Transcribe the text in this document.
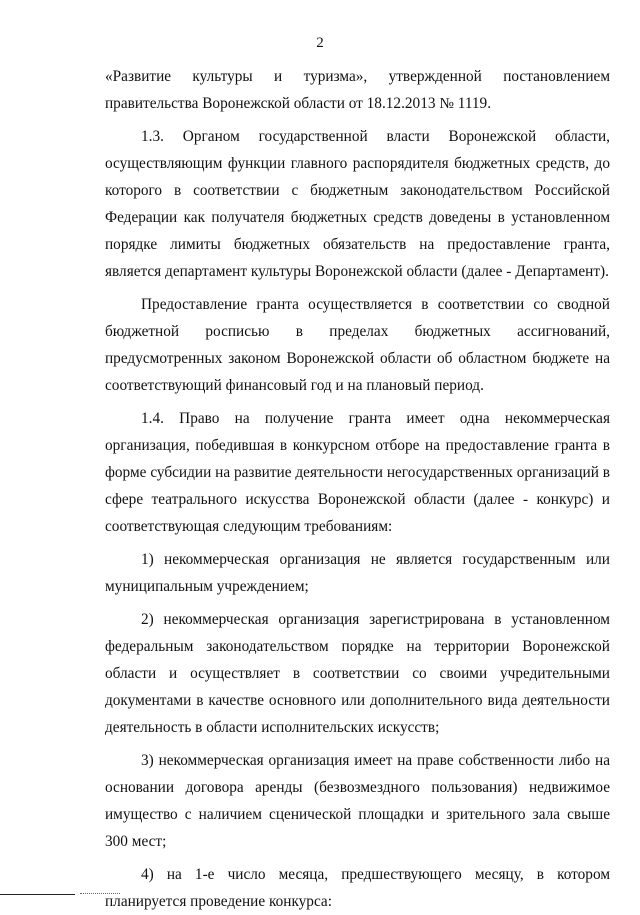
2

«Развитие культуры и туризма», утвержденной постановлением правительства Воронежской области от 18.12.2013 № 1119.

1.3. Органом государственной власти Воронежской области, осуществляющим функции главного распорядителя бюджетных средств, до которого в соответствии с бюджетным законодательством Российской Федерации как получателя бюджетных средств доведены в установленном порядке лимиты бюджетных обязательств на предоставление гранта, является департамент культуры Воронежской области (далее - Департамент).

Предоставление гранта осуществляется в соответствии со сводной бюджетной росписью в пределах бюджетных ассигнований, предусмотренных законом Воронежской области об областном бюджете на соответствующий финансовый год и на плановый период.

1.4. Право на получение гранта имеет одна некоммерческая организация, победившая в конкурсном отборе на предоставление гранта в форме субсидии на развитие деятельности негосударственных организаций в сфере театрального искусства Воронежской области (далее - конкурс) и соответствующая следующим требованиям:

1) некоммерческая организация не является государственным или муниципальным учреждением;

2) некоммерческая организация зарегистрирована в установленном федеральным законодательством порядке на территории Воронежской области и осуществляет в соответствии со своими учредительными документами в качестве основного или дополнительного вида деятельности деятельность в области исполнительских искусств;

3) некоммерческая организация имеет на праве собственности либо на основании договора аренды (безвозмездного пользования) недвижимое имущество с наличием сценической площадки и зрительного зала свыше 300 мест;

4) на 1-е число месяца, предшествующего месяцу, в котором планируется проведение конкурса:
